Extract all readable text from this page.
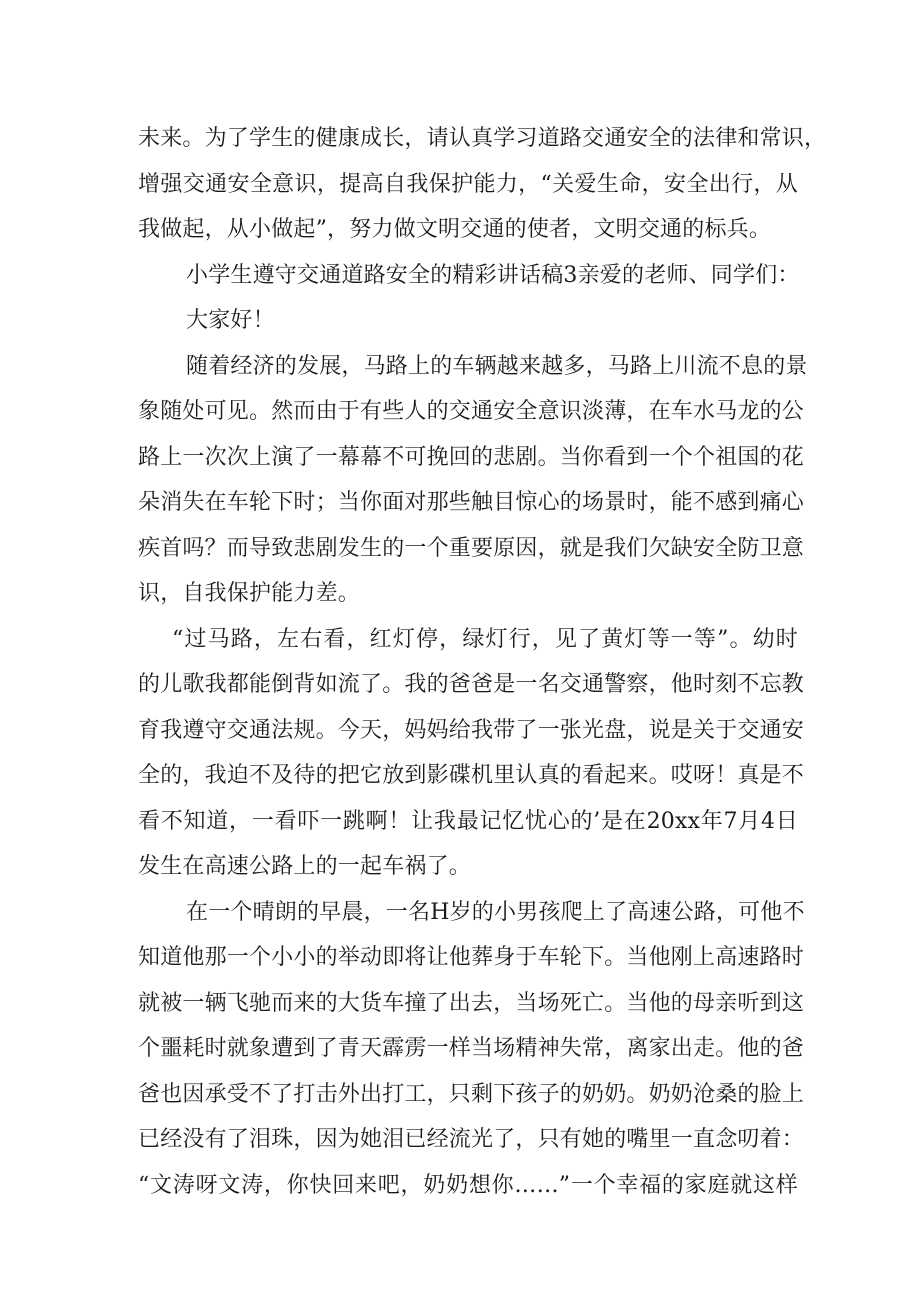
未来。为了学生的健康成长，请认真学习道路交通安全的法律和常识，
增强交通安全意识，提高自我保护能力，“关爱生命，安全出行，从
我做起，从小做起”，努力做文明交通的使者，文明交通的标兵。
小学生遵守交通道路安全的精彩讲话稿3亲爱的老师、同学们：
大家好！
随着经济的发展，马路上的车辆越来越多，马路上川流不息的景
象随处可见。然而由于有些人的交通安全意识淡薄，在车水马龙的公
路上一次次上演了一幕幕不可挽回的悲剧。当你看到一个个祖国的花
朵消失在车轮下时；当你面对那些触目惊心的场景时，能不感到痛心
疾首吗？而导致悲剧发生的一个重要原因，就是我们欠缺安全防卫意
识，自我保护能力差。
“过马路，左右看，红灯停，绿灯行，见了黄灯等一等”。幼时
的儿歌我都能倒背如流了。我的爸爸是一名交通警察，他时刻不忘教
育我遵守交通法规。今天，妈妈给我带了一张光盘，说是关于交通安
全的，我迫不及待的把它放到影碟机里认真的看起来。哎呀！真是不
看不知道，一看吓一跳啊！让我最记忆忧心的’是在20xx年7月4日
发生在高速公路上的一起车祸了。
在一个晴朗的早晨，一名H岁的小男孩爬上了高速公路，可他不
知道他那一个小小的举动即将让他葬身于车轮下。当他刚上高速路时
就被一辆飞驰而来的大货车撞了出去，当场死亡。当他的母亲听到这
个噩耗时就象遭到了青天霹雳一样当场精神失常，离家出走。他的爸
爸也因承受不了打击外出打工，只剩下孩子的奶奶。奶奶沧桑的脸上
已经没有了泪珠，因为她泪已经流光了，只有她的嘴里一直念叨着：
“文涛呀文涛，你快回来吧，奶奶想你……”一个幸福的家庭就这样
